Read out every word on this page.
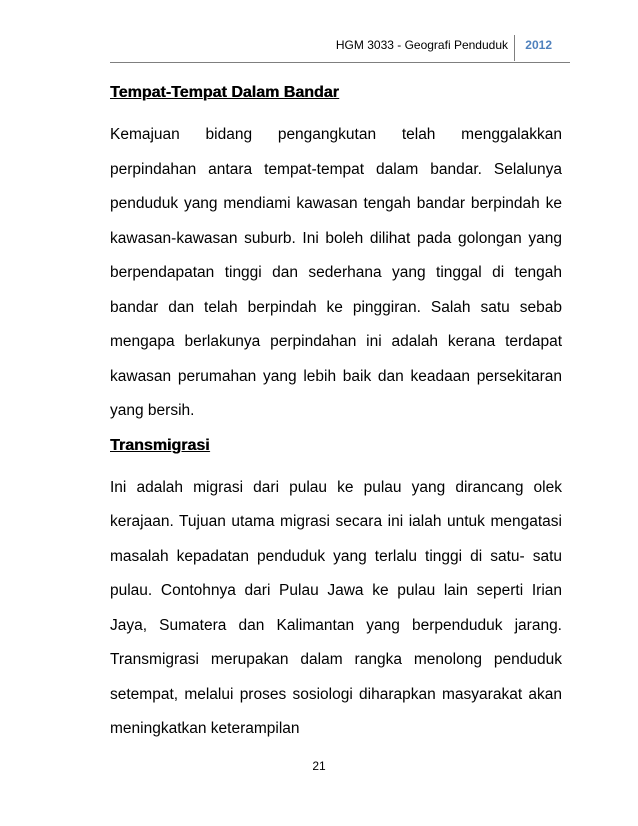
HGM 3033 - Geografi Penduduk 2012
Tempat-Tempat Dalam Bandar

Kemajuan bidang pengangkutan telah menggalakkan perpindahan antara tempat-tempat dalam bandar. Selalunya penduduk yang mendiami kawasan tengah bandar berpindah ke kawasan-kawasan suburb. Ini boleh dilihat pada golongan yang berpendapatan tinggi dan sederhana yang tinggal di tengah bandar dan telah berpindah ke pinggiran. Salah satu sebab mengapa berlakunya perpindahan ini adalah kerana terdapat kawasan perumahan yang lebih baik dan keadaan persekitaran yang bersih.

Transmigrasi

Ini adalah migrasi dari pulau ke pulau yang dirancang olek kerajaan. Tujuan utama migrasi secara ini ialah untuk mengatasi masalah kepadatan penduduk yang terlalu tinggi di satu- satu pulau. Contohnya dari Pulau Jawa ke pulau lain seperti Irian Jaya, Sumatera dan Kalimantan yang berpenduduk jarang. Transmigrasi merupakan dalam rangka menolong penduduk setempat, melalui proses sosiologi diharapkan masyarakat akan meningkatkan keterampilan

21
